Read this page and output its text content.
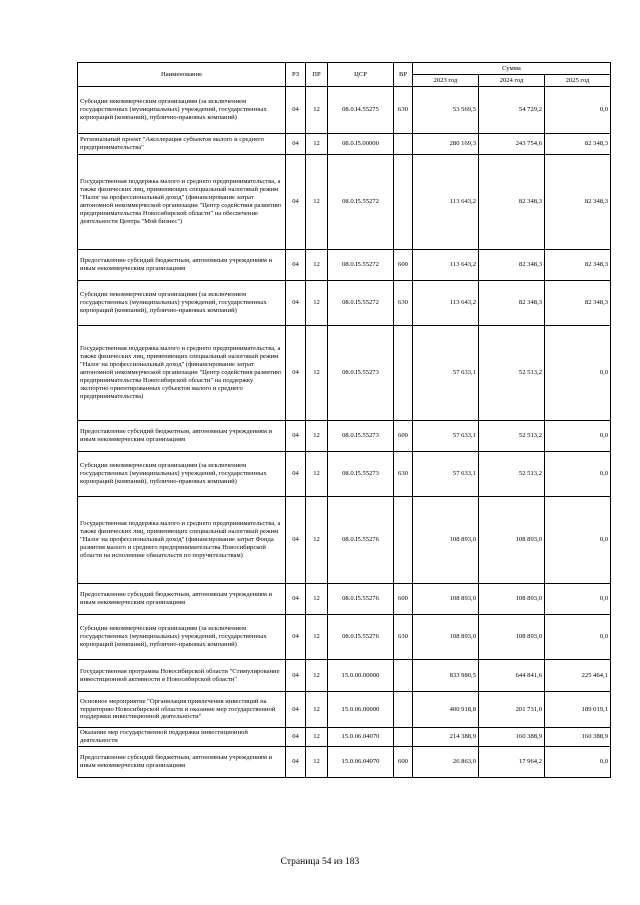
Наименование	РЗ	ПР	ЦСР	ВР	Сумма		
					2023 год	2024 год	2025 год
Субсидии некоммерческим организациям (за исключением государственных (муниципальных) учреждений, государственных корпораций (компаний), публично-правовых компаний)	04	12	08.0.I4.55275	630	53 569,5	54 729,2	0,0
Региональный проект "Акселерация субъектов малого и среднего предпринимательства"	04	12	08.0.I5.00000		280 169,3	243 754,6	82 348,3
Государственная поддержка малого и среднего предпринимательства, а также физических лиц, применяющих специальный налоговый режим "Налог на профессиональный доход" (финансирование затрат автономной некоммерческой организации "Центр содействия развитию предпринимательства Новосибирской области" на обеспечение деятельности Центра "Мой бизнес")	04	12	08.0.I5.55272		113 643,2	82 348,3	82 348,3
Предоставление субсидий бюджетным, автономным учреждениям и иным некоммерческим организациям	04	12	08.0.I5.55272	600	113 643,2	82 348,3	82 348,3
Субсидии некоммерческим организациям (за исключением государственных (муниципальных) учреждений, государственных корпораций (компаний), публично-правовых компаний)	04	12	08.0.I5.55272	630	113 643,2	82 348,3	82 348,3
Государственная поддержка малого и среднего предпринимательства, а также физических лиц, применяющих специальный налоговый режим "Налог на профессиональный доход" (финансирование затрат автономной некоммерческой организации "Центр содействия развитию предпринимательства Новосибирской области" на поддержку экспортно ориентированных субъектов малого и среднего предпринимательства)	04	12	08.0.I5.55273		57 633,1	52 513,2	0,0
Предоставление субсидий бюджетным, автономным учреждениям и иным некоммерческим организациям	04	12	08.0.I5.55273	600	57 633,1	52 513,2	0,0
Субсидии некоммерческим организациям (за исключением государственных (муниципальных) учреждений, государственных корпораций (компаний), публично-правовых компаний)	04	12	08.0.I5.55273	630	57 633,1	52 513,2	0,0
Государственная поддержка малого и среднего предпринимательства, а также физических лиц, применяющих специальный налоговый режим "Налог на профессиональный доход" (финансирование затрат Фонда развития малого и среднего предпринимательства Новосибирской области на исполнение обязательств по поручительствам)	04	12	08.0.I5.55276		108 893,0	108 893,0	0,0
Предоставление субсидий бюджетным, автономным учреждениям и иным некоммерческим организациям	04	12	08.0.I5.55276	600	108 893,0	108 893,0	0,0
Субсидии некоммерческим организациям (за исключением государственных (муниципальных) учреждений, государственных корпораций (компаний), публично-правовых компаний)	04	12	08.0.I5.55276	630	108 893,0	108 893,0	0,0
Государственная программа Новосибирской области "Стимулирование инвестиционной активности в Новосибирской области"	04	12	15.0.00.00000		833 980,5	644 841,6	225 464,1
Основное мероприятие "Организация привлечения инвестиций на территорию Новосибирской области и оказание мер государственной поддержки инвестиционной деятельности"	04	12	15.0.06.00000		400 918,8	201 731,0	189 019,1
Оказание мер государственной поддержки инвестиционной деятельности	04	12	15.0.06.04070		214 388,9	160 388,9	160 388,9
Предоставление субсидий бюджетным, автономным учреждениям и иным некоммерческим организациям	04	12	15.0.06.04070	600	26 863,0	17 964,2	0,0
Страница 54 из 183
